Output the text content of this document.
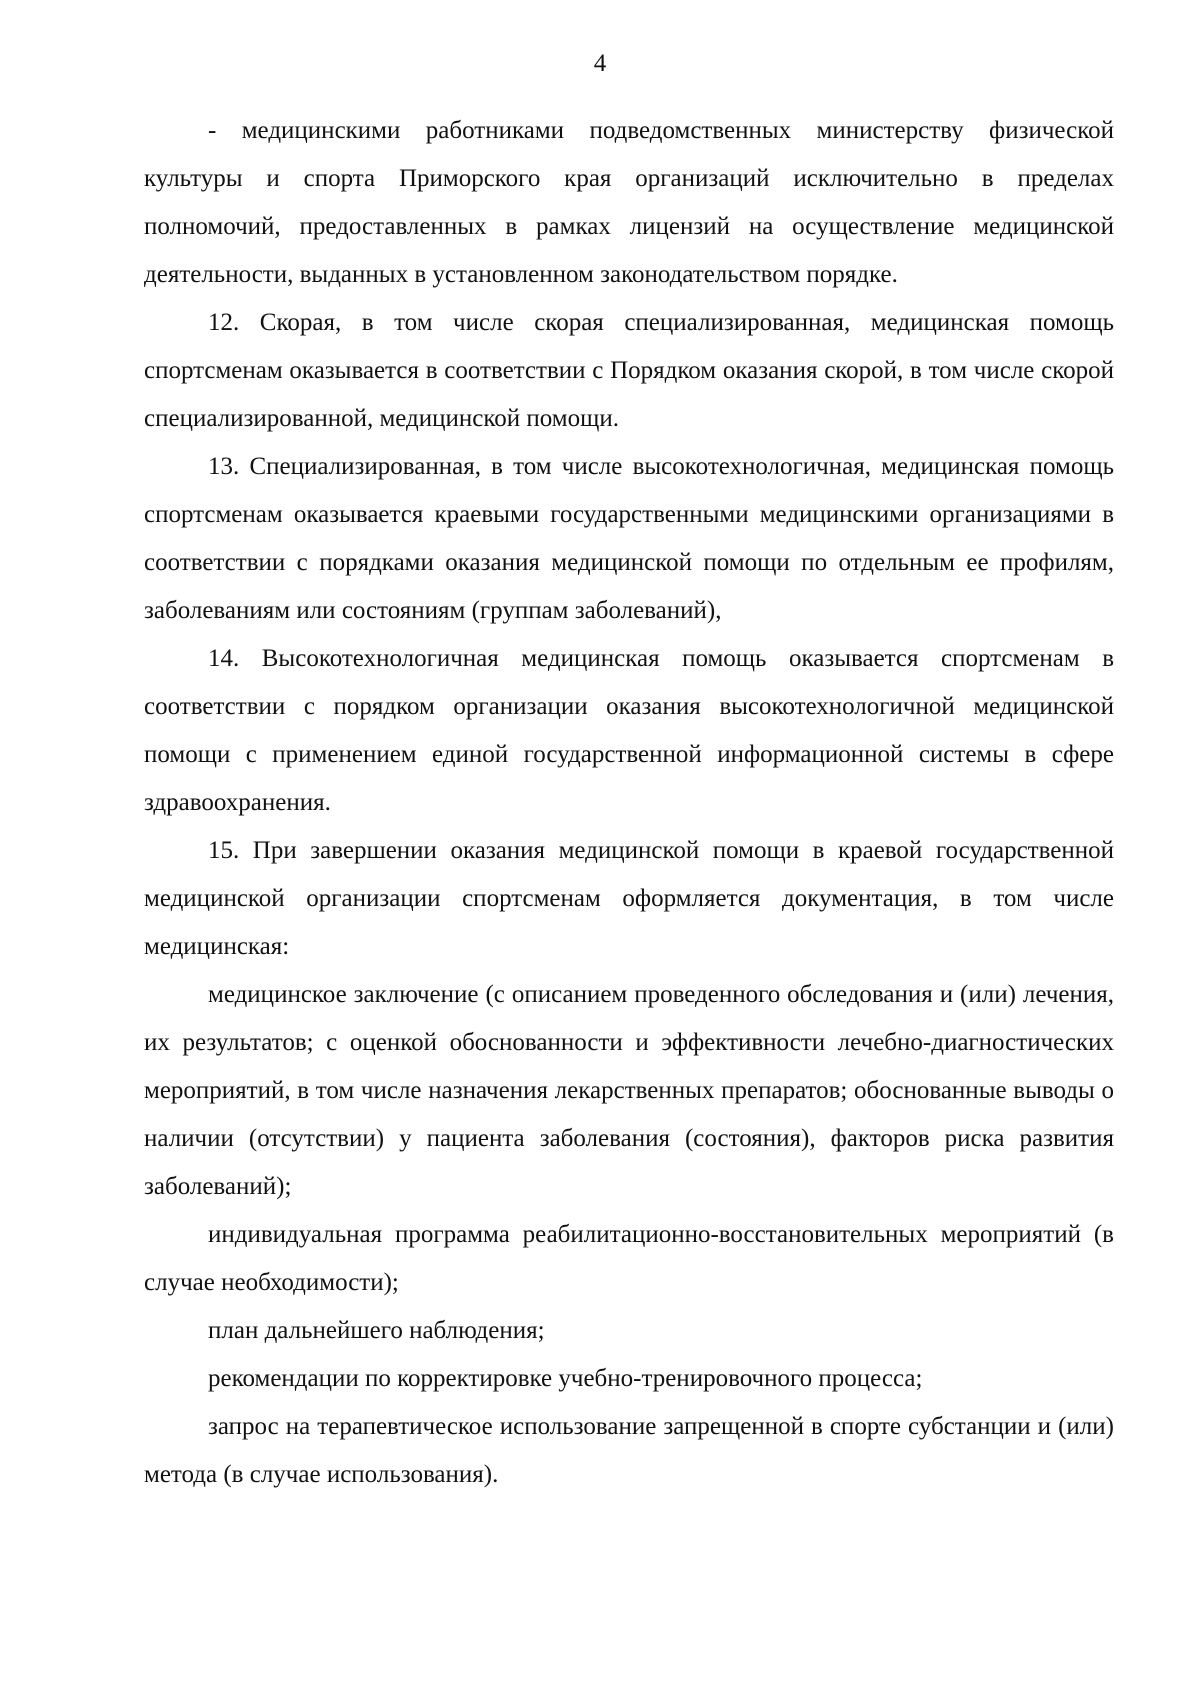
4

- медицинскими работниками подведомственных министерству физической культуры и спорта Приморского края организаций исключительно в пределах полномочий, предоставленных в рамках лицензий на осуществление медицинской деятельности, выданных в установленном законодательством порядке.

12. Скорая, в том числе скорая специализированная, медицинская помощь спортсменам оказывается в соответствии с Порядком оказания скорой, в том числе скорой специализированной, медицинской помощи.

13. Специализированная, в том числе высокотехнологичная, медицинская помощь спортсменам оказывается краевыми государственными медицинскими организациями в соответствии с порядками оказания медицинской помощи по отдельным ее профилям, заболеваниям или состояниям (группам заболеваний),

14. Высокотехнологичная медицинская помощь оказывается спортсменам в соответствии с порядком организации оказания высокотехнологичной медицинской помощи с применением единой государственной информационной системы в сфере здравоохранения.

15. При завершении оказания медицинской помощи в краевой государственной медицинской организации спортсменам оформляется документация, в том числе медицинская:

медицинское заключение (с описанием проведенного обследования и (или) лечения, их результатов; с оценкой обоснованности и эффективности лечебно-диагностических мероприятий, в том числе назначения лекарственных препаратов; обоснованные выводы о наличии (отсутствии) у пациента заболевания (состояния), факторов риска развития заболеваний);

индивидуальная программа реабилитационно-восстановительных мероприятий (в случае необходимости);

план дальнейшего наблюдения;

рекомендации по корректировке учебно-тренировочного процесса;

запрос на терапевтическое использование запрещенной в спорте субстанции и (или) метода (в случае использования).
